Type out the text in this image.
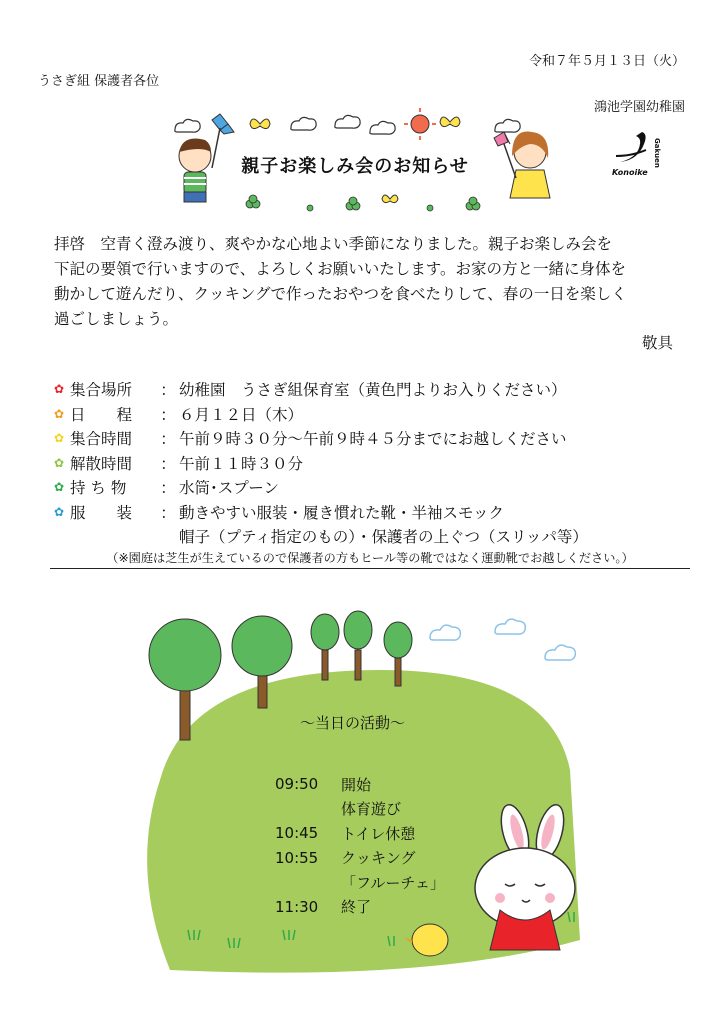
令和７年５月１３日（火）
うさぎ組 保護者各位
鴻池学園幼稚園
親子お楽しみ会のお知らせ	Konoike
Gakuen
拝啓　空青く澄み渡り、爽やかな心地よい季節になりました。親子お楽しみ会を
下記の要領で行いますので、よろしくお願いいたします。お家の方と一緒に身体を
動かして遊んだり、クッキングで作ったおやつを食べたりして、春の一日を楽しく
過ごしましょう。
敬具
✿ 集合場所	： 幼稚園　うさぎ組保育室（黄色門よりお入りください）
✿ 日　　程	： ６月１２日（木）
✿ 集合時間	： 午前９時３０分～午前９時４５分までにお越しください
✿ 解散時間	： 午前１１時３０分
✿ 持 ち 物	： 水筒･スプーン
✿ 服　　装	： 動きやすい服装・履き慣れた靴・半袖スモック
帽子（プティ指定のもの）・保護者の上ぐつ（スリッパ等）
（※園庭は芝生が生えているので保護者の方もヒール等の靴ではなく運動靴でお越しください。）
～当日の活動～
09:50	開始
体育遊び
10:45	トイレ休憩
10:55	クッキング
「フルーチェ」
11:30	終了
